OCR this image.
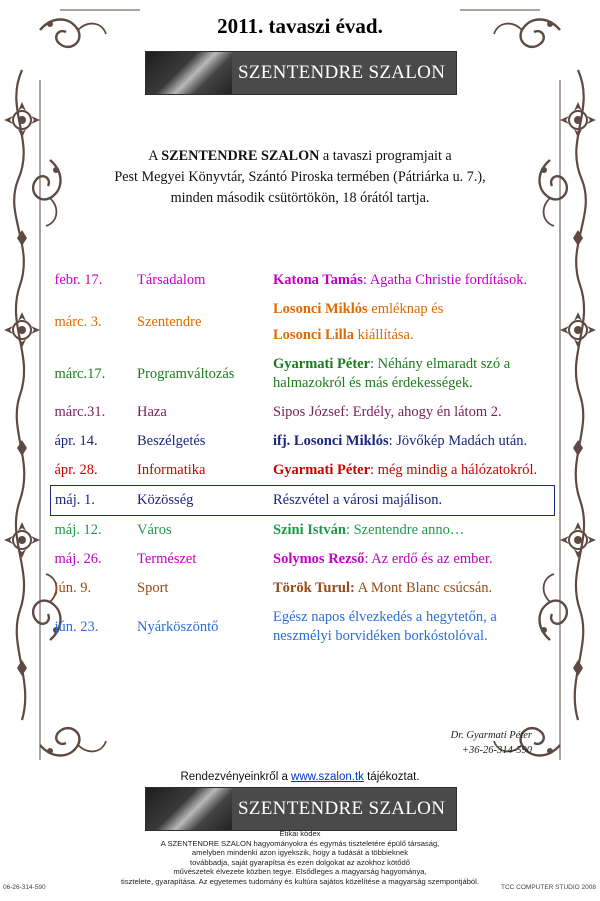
2011. tavaszi évad.
SZENTENDRE SZALON
A SZENTENDRE SZALON a tavaszi programjait a
Pest Megyei Könyvtár, Szántó Piroska termében (Pátriárka u. 7.),
minden második csütörtökön, 18 órától tartja.
febr. 17.	Társadalom	Katona Tamás: Agatha Christie fordítások.
márc. 3.	Szentendre	Losonci Miklós emléknap és
Losonci Lilla kiállítása.
márc.17.	Programváltozás	Gyarmati Péter: Néhány elmaradt szó a halmazokról és más érdekességek.
márc.31.	Haza	Sipos József: Erdély, ahogy én látom 2.
ápr. 14.	Beszélgetés	ifj. Losonci Miklós: Jövőkép Madách után.
ápr. 28.	Informatika	Gyarmati Péter: még mindig a hálózatokról.
máj. 1.	Közösség	Részvétel a városi majálison.
máj. 12.	Város	Szini István: Szentendre anno…
máj. 26.	Természet	Solymos Rezső: Az erdő és az ember.
jún. 9.	Sport	Török Turul: A Mont Blanc csúcsán.
jún. 23.	Nyárköszöntő	Egész napos élvezkedés a hegytetőn, a neszmélyi borvidéken borkóstolóval.
Dr. Gyarmati Péter
+36-26-314-590
Rendezvényeinkről a www.szalon.tk tájékoztat.
SZENTENDRE SZALON
Etikai kódex
A SZENTENDRE SZALON hagyományokra és egymás tiszteletére épülő társaság,
amelyben mindenki azon igyekszik, hogy a tudását a többieknek
továbbadja, saját gyarapítsa és ezen dolgokat az azokhoz kötődő
művészetek élvezete közben tegye. Elsődleges a magyarság hagyománya,
tisztelete, gyarapítása. Az egyetemes tudomány és kultúra sajátos közelítése a magyarság szempontjából.
06-26-314-590	TCC COMPUTER STUDIO 2008
